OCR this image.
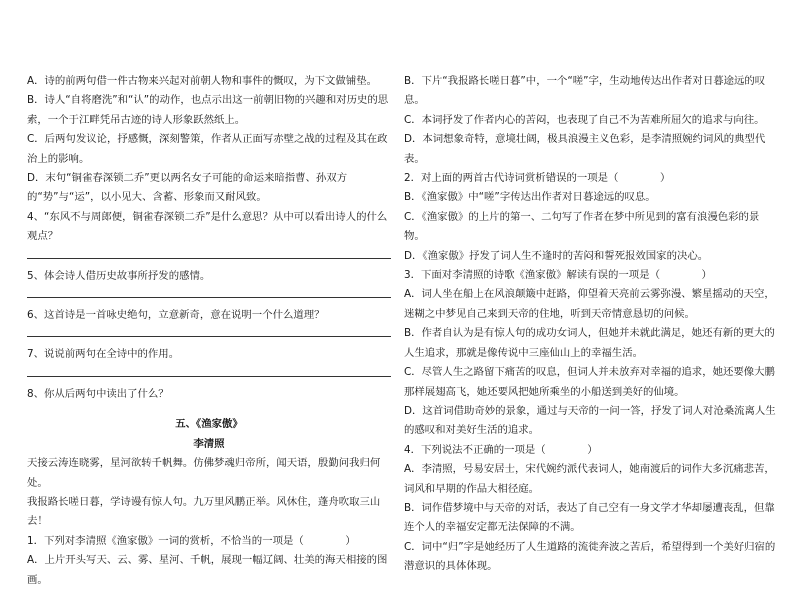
A．诗的前两句借一件古物来兴起对前朝人物和事件的慨叹，为下文做铺垫。

B．诗人“自将磨洗”和“认”的动作，也点示出这一前朝旧物的兴趣和对历史的思索，一个于江畔凭吊古迹的诗人形象跃然纸上。

C．后两句发议论，抒感慨，深刻警策，作者从正面写赤壁之战的过程及其在政治上的影响。

D．末句“铜雀春深锁二乔”更以两名女子可能的命运来暗指曹、孙双方的“势”与“运”，以小见大、含蓄、形象而又耐风致。

4、“东风不与周郎便，铜雀春深锁二乔”是什么意思？从中可以看出诗人的什么观点？

5、体会诗人借历史故事所抒发的感情。

6、这首诗是一首咏史绝句，立意新奇，意在说明一个什么道理？

7、说说前两句在全诗中的作用。

8、你从后两句中读出了什么？

五、《渔家傲》

李清照

天接云涛连晓雾，星河欲转千帆舞。仿佛梦魂归帝所，闻天语，殷勤问我归何处。

我报路长嗟日暮，学诗谩有惊人句。九万里风鹏正举。风休住，蓬舟吹取三山去！

1．下列对李清照《渔家傲》一词的赏析，不恰当的一项是（　　　　）

A．上片开头写天、云、雾、星河、千帆，展现一幅辽阔、壮美的海天相接的图画。

B．下片“我报路长嗟日暮”中，一个“嗟”字，生动地传达出作者对日暮途远的叹息。

C．本词抒发了作者内心的苦闷，也表现了自己不为苦难所屈欠的追求与向往。

D．本词想象奇特，意境壮阔，极具浪漫主义色彩，是李清照婉约词风的典型代表。

2．对上面的两首古代诗词赏析错误的一项是（　　　　）

B．《渔家傲》中“嗟”字传达出作者对日暮途远的叹息。

C．《渔家傲》的上片的第一、二句写了作者在梦中所见到的富有浪漫色彩的景物。

D．《渔家傲》抒发了词人生不逢时的苦闷和誓死报效国家的决心。

3．下面对李清照的诗歌《渔家傲》解读有误的一项是（　　　　）

A．词人坐在船上在风浪颠簸中赶路，仰望着天亮前云雾弥漫、繁星摇动的天空，迷糊之中梦见自己来到天帝的住地，听到天帝情意恳切的问候。

B．作者自认为是有惊人句的成功女词人，但她并未就此满足，她还有新的更大的人生追求，那就是像传说中三座仙山上的幸福生活。

C．尽管人生之路留下痛苦的叹息，但词人并未放弃对幸福的追求，她还要像大鹏那样展翅高飞，她还要风把她所乘坐的小船送到美好的仙境。

D．这首词借助奇妙的景象，通过与天帝的一问一答，抒发了词人对沧桑流离人生的感叹和对美好生活的追求。

4．下列说法不正确的一项是（　　　　）

A．李清照，号易安居士，宋代婉约派代表词人，她南渡后的词作大多沉痛悲苦，词风和早期的作品大相径庭。

B．词作借梦境中与天帝的对话，表达了自己空有一身文学才华却屡遭丧乱，但靠连个人的幸福安定都无法保障的不满。

C．词中“归”字是她经历了人生道路的流徙奔波之苦后，希望得到一个美好归宿的潜意识的具体体现。
